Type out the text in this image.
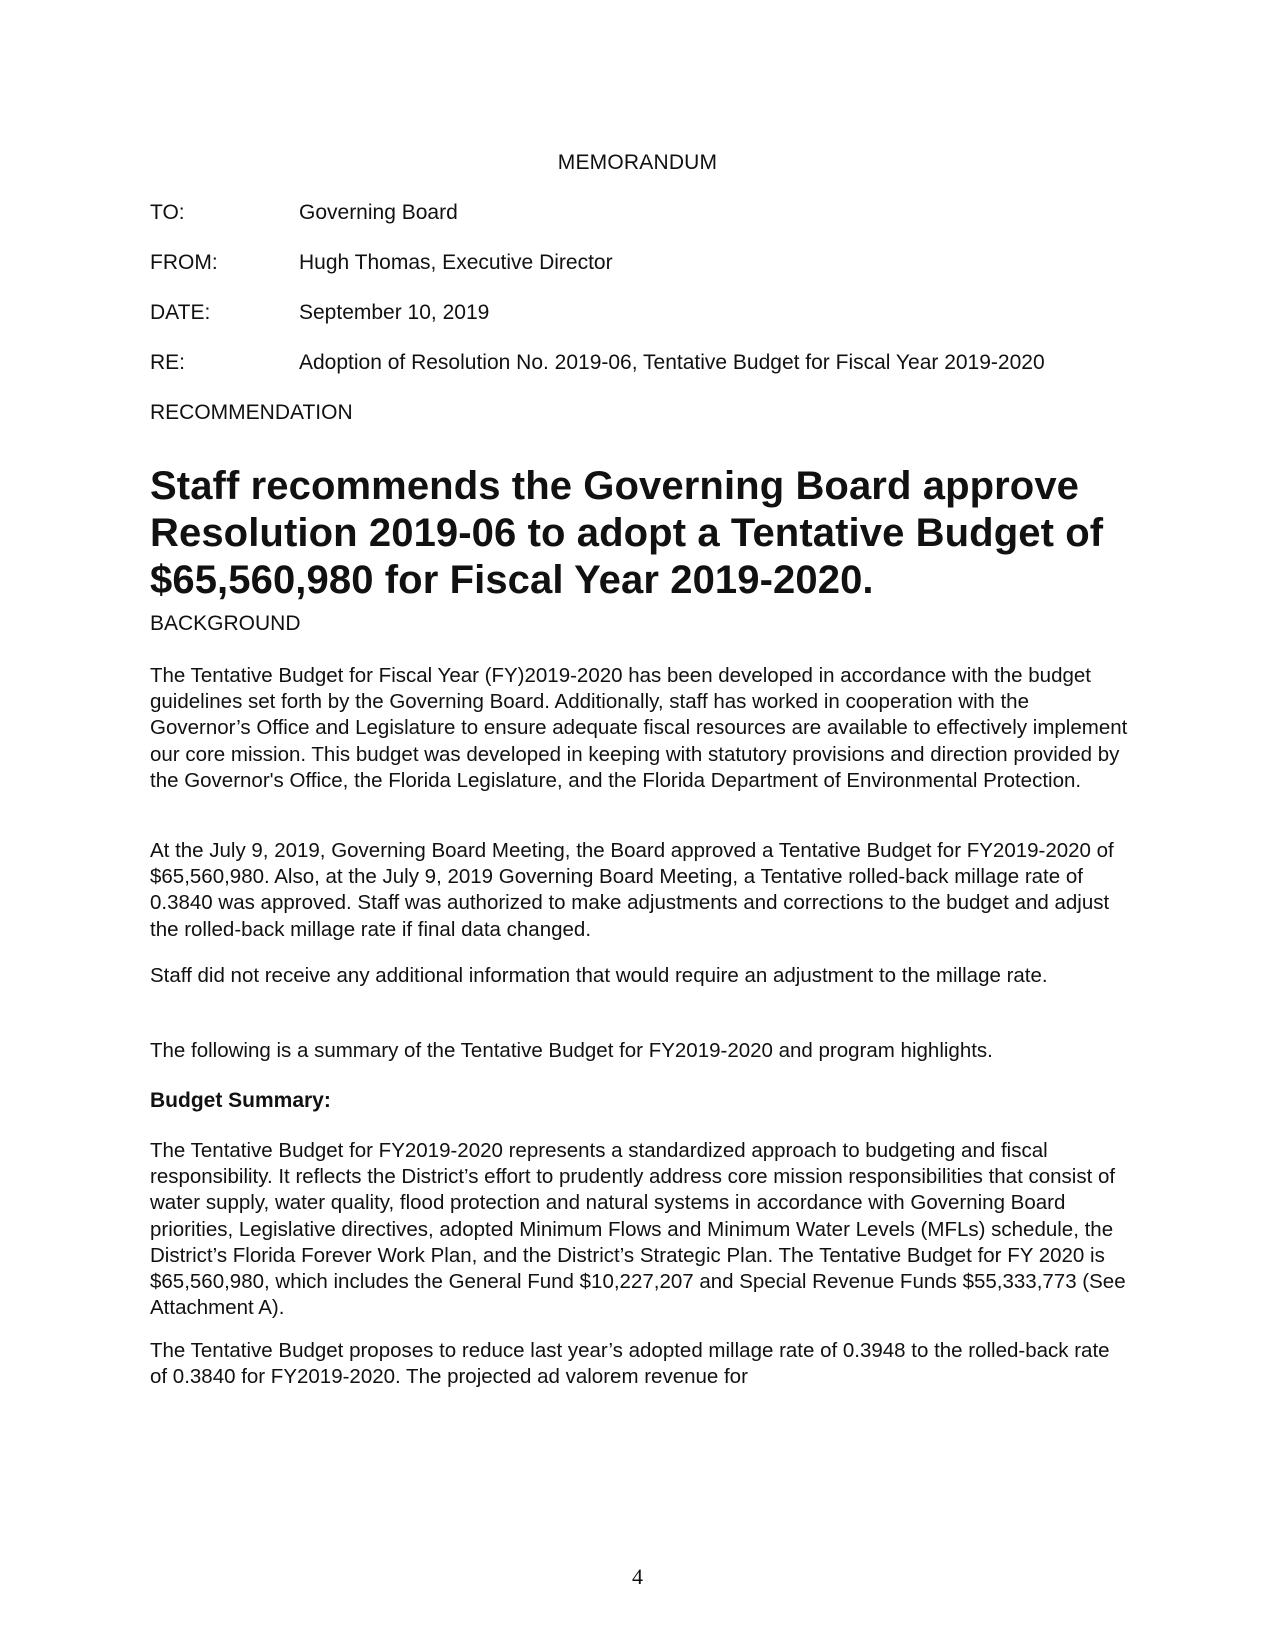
MEMORANDUM
TO:	Governing Board
FROM:	Hugh Thomas, Executive Director
DATE:	September 10, 2019
RE:	Adoption of Resolution No. 2019-06, Tentative Budget for Fiscal Year 2019-2020
RECOMMENDATION
Staff recommends the Governing Board approve Resolution 2019-06 to adopt a Tentative Budget of $65,560,980 for Fiscal Year 2019-2020.
BACKGROUND

The Tentative Budget for Fiscal Year (FY)2019-2020 has been developed in accordance with the budget guidelines set forth by the Governing Board. Additionally, staff has worked in cooperation with the Governor’s Office and Legislature to ensure adequate fiscal resources are available to effectively implement our core mission. This budget was developed in keeping with statutory provisions and direction provided by the Governor's Office, the Florida Legislature, and the Florida Department of Environmental Protection.

At the July 9, 2019, Governing Board Meeting, the Board approved a Tentative Budget for FY2019-2020 of $65,560,980. Also, at the July 9, 2019 Governing Board Meeting, a Tentative rolled-back millage rate of 0.3840 was approved. Staff was authorized to make adjustments and corrections to the budget and adjust the rolled-back millage rate if final data changed.

Staff did not receive any additional information that would require an adjustment to the millage rate.

The following is a summary of the Tentative Budget for FY2019-2020 and program highlights.

Budget Summary:

The Tentative Budget for FY2019-2020 represents a standardized approach to budgeting and fiscal responsibility. It reflects the District’s effort to prudently address core mission responsibilities that consist of water supply, water quality, flood protection and natural systems in accordance with Governing Board priorities, Legislative directives, adopted Minimum Flows and Minimum Water Levels (MFLs) schedule, the District’s Florida Forever Work Plan, and the District’s Strategic Plan. The Tentative Budget for FY 2020 is $65,560,980, which includes the General Fund $10,227,207 and Special Revenue Funds $55,333,773 (See Attachment A).

The Tentative Budget proposes to reduce last year’s adopted millage rate of 0.3948 to the rolled-back rate of 0.3840 for FY2019-2020. The projected ad valorem revenue for

4
